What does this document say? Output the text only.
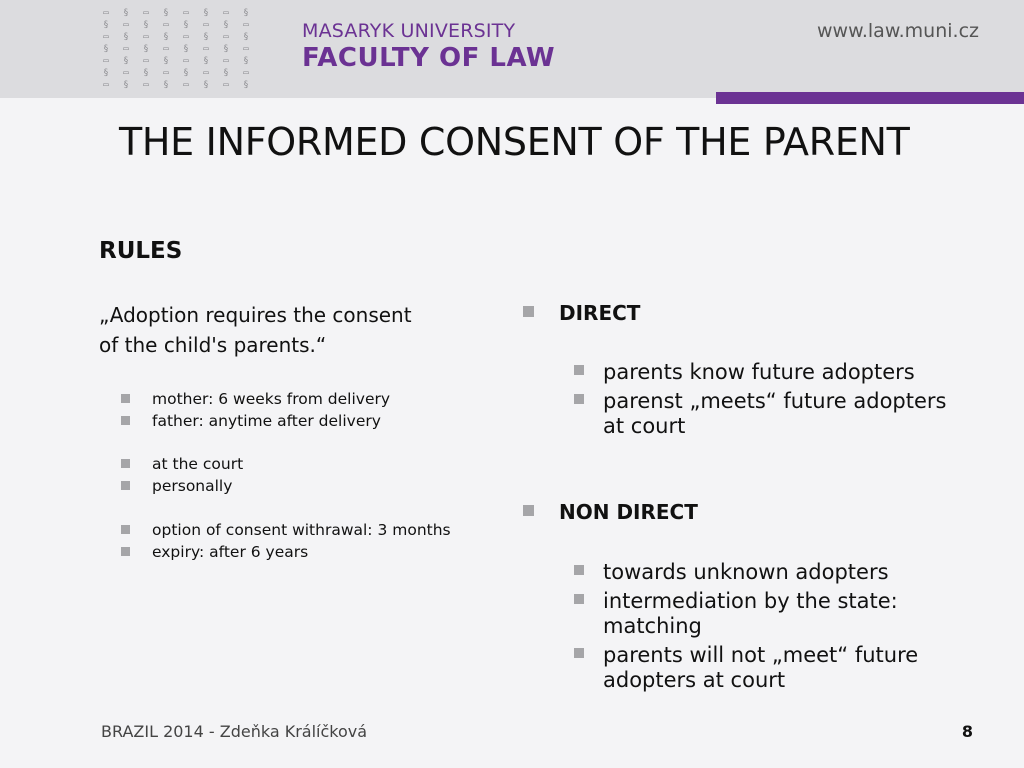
▭	§	▭	§	▭	§	▭	§
§	▭	§	▭	§	▭	§	▭
▭	§	▭	§	▭	§	▭	§
§	▭	§	▭	§	▭	§	▭
▭	§	▭	§	▭	§	▭	§
§	▭	§	▭	§	▭	§	▭
▭	§	▭	§	▭	§	▭	§
MASARYK UNIVERSITY
FACULTY OF LAW
www.law.muni.cz
THE INFORMED CONSENT OF THE PARENT
RULES

„Adoption requires the consent
of the child's parents.“

mother: 6 weeks from delivery
father: anytime after delivery
at the court
personally
option of consent withrawal: 3 months
expiry: after 6 years
DIRECT
parents know future adopters
parenst „meets“ future adopters at court
NON DIRECT
towards unknown adopters
intermediation by the state: matching
parents will not „meet“ future adopters at court
BRAZIL 2014 - Zdeňka Králíčková	8
